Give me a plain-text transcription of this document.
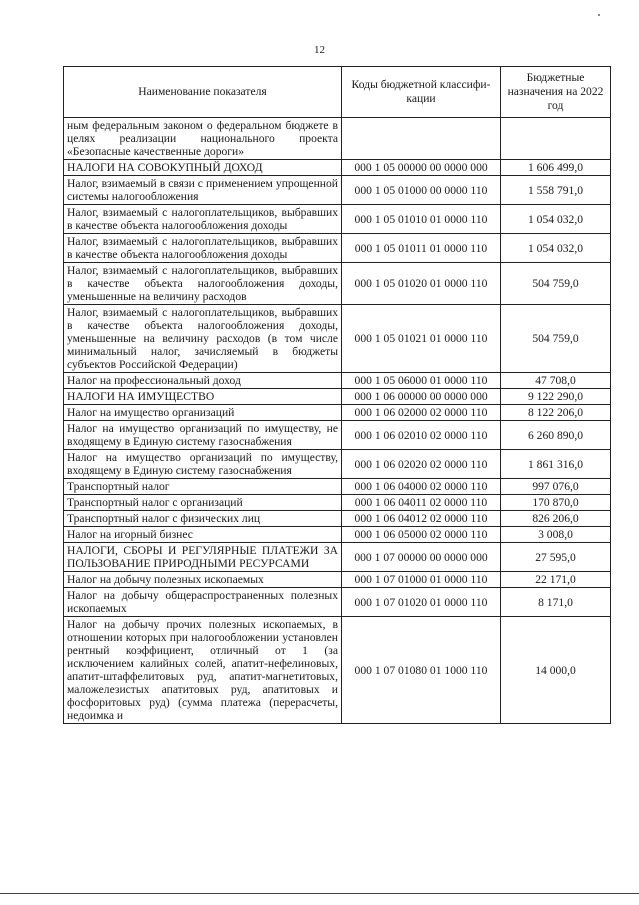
12
Наименование показателя	Коды бюджетной классифи-кации	Бюджетные назначения на 2022 год
ным федеральным законом о федеральном бюджете в целях реализации национального проекта «Безопасные качественные дороги»		
НАЛОГИ НА СОВОКУПНЫЙ ДОХОД	000 1 05 00000 00 0000 000	1 606 499,0
Налог, взимаемый в связи с применением упрощенной системы налогообложения	000 1 05 01000 00 0000 110	1 558 791,0
Налог, взимаемый с налогоплательщиков, выбравших в качестве объекта налогообложения доходы	000 1 05 01010 01 0000 110	1 054 032,0
Налог, взимаемый с налогоплательщиков, выбравших в качестве объекта налогообложения доходы	000 1 05 01011 01 0000 110	1 054 032,0
Налог, взимаемый с налогоплательщиков, выбравших в качестве объекта налогообложения доходы, уменьшенные на величину расходов	000 1 05 01020 01 0000 110	504 759,0
Налог, взимаемый с налогоплательщиков, выбравших в качестве объекта налогообложения доходы, уменьшенные на величину расходов (в том числе минимальный налог, зачисляемый в бюджеты субъектов Российской Федерации)	000 1 05 01021 01 0000 110	504 759,0
Налог на профессиональный доход	000 1 05 06000 01 0000 110	47 708,0
НАЛОГИ НА ИМУЩЕСТВО	000 1 06 00000 00 0000 000	9 122 290,0
Налог на имущество организаций	000 1 06 02000 02 0000 110	8 122 206,0
Налог на имущество организаций по имуществу, не входящему в Единую систему газоснабжения	000 1 06 02010 02 0000 110	6 260 890,0
Налог на имущество организаций по имуществу, входящему в Единую систему газоснабжения	000 1 06 02020 02 0000 110	1 861 316,0
Транспортный налог	000 1 06 04000 02 0000 110	997 076,0
Транспортный налог с организаций	000 1 06 04011 02 0000 110	170 870,0
Транспортный налог с физических лиц	000 1 06 04012 02 0000 110	826 206,0
Налог на игорный бизнес	000 1 06 05000 02 0000 110	3 008,0
НАЛОГИ, СБОРЫ И РЕГУЛЯРНЫЕ ПЛАТЕЖИ ЗА ПОЛЬЗОВАНИЕ ПРИРОДНЫМИ РЕСУРСАМИ	000 1 07 00000 00 0000 000	27 595,0
Налог на добычу полезных ископаемых	000 1 07 01000 01 0000 110	22 171,0
Налог на добычу общераспространенных полезных ископаемых	000 1 07 01020 01 0000 110	8 171,0
Налог на добычу прочих полезных ископаемых, в отношении которых при налогообложении установлен рентный коэффициент, отличный от 1 (за исключением калийных солей, апатит-нефелиновых, апатит-штаффелитовых руд, апатит-магнетитовых, маложелезистых апатитовых руд, апатитовых и фосфоритовых руд) (сумма платежа (перерасчеты, недоимка и	000 1 07 01080 01 1000 110	14 000,0
